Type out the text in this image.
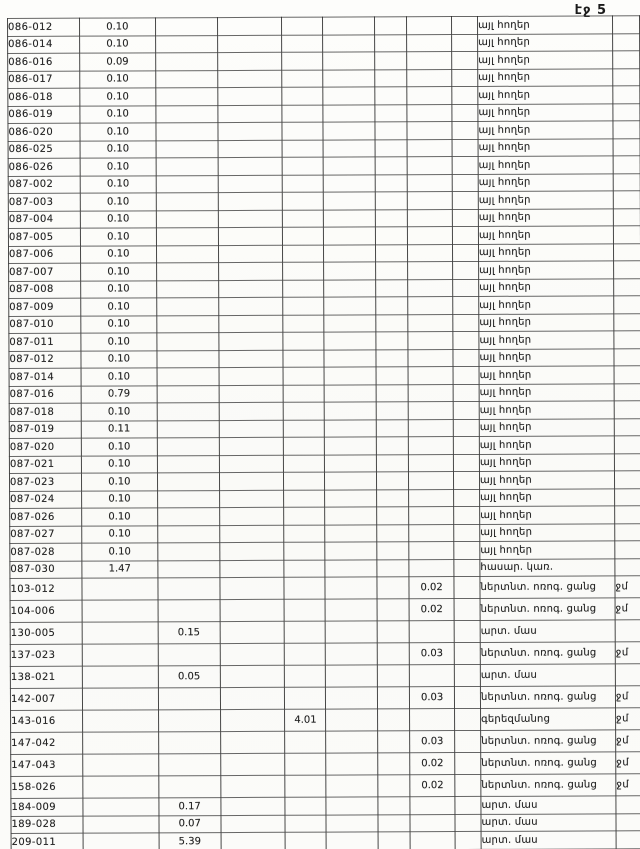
էջ 5
086-012	0.10								այլ հողեր	
086-014	0.10								այլ հողեր	
086-016	0.09								այլ հողեր	
086-017	0.10								այլ հողեր	
086-018	0.10								այլ հողեր	
086-019	0.10								այլ հողեր	
086-020	0.10								այլ հողեր	
086-025	0.10								այլ հողեր	
086-026	0.10								այլ հողեր	
087-002	0.10								այլ հողեր	
087-003	0.10								այլ հողեր	
087-004	0.10								այլ հողեր	
087-005	0.10								այլ հողեր	
087-006	0.10								այլ հողեր	
087-007	0.10								այլ հողեր	
087-008	0.10								այլ հողեր	
087-009	0.10								այլ հողեր	
087-010	0.10								այլ հողեր	
087-011	0.10								այլ հողեր	
087-012	0.10								այլ հողեր	
087-014	0.10								այլ հողեր	
087-016	0.79								այլ հողեր	
087-018	0.10								այլ հողեր	
087-019	0.11								այլ հողեր	
087-020	0.10								այլ հողեր	
087-021	0.10								այլ հողեր	
087-023	0.10								այլ հողեր	
087-024	0.10								այլ հողեր	
087-026	0.10								այլ հողեր	
087-027	0.10								այլ հողեր	
087-028	0.10								այլ հողեր	
087-030	1.47								հասար. կառ.	
103-012							0.02		ներտնտ. ոռոգ. ցանց	ջմ
104-006							0.02		ներտնտ. ոռոգ. ցանց	ջմ
130-005		0.15							արտ. մաս	
137-023							0.03		ներտնտ. ոռոգ. ցանց	ջմ
138-021		0.05							արտ. մաս	
142-007							0.03		ներտնտ. ոռոգ. ցանց	ջմ
143-016				4.01					գերեզմանոց	ջմ
147-042							0.03		ներտնտ. ոռոգ. ցանց	ջմ
147-043							0.02		ներտնտ. ոռոգ. ցանց	ջմ
158-026							0.02		ներտնտ. ոռոգ. ցանց	ջմ
184-009		0.17							արտ. մաս	
189-028		0.07							արտ. մաս	
209-011		5.39							արտ. մաս	
